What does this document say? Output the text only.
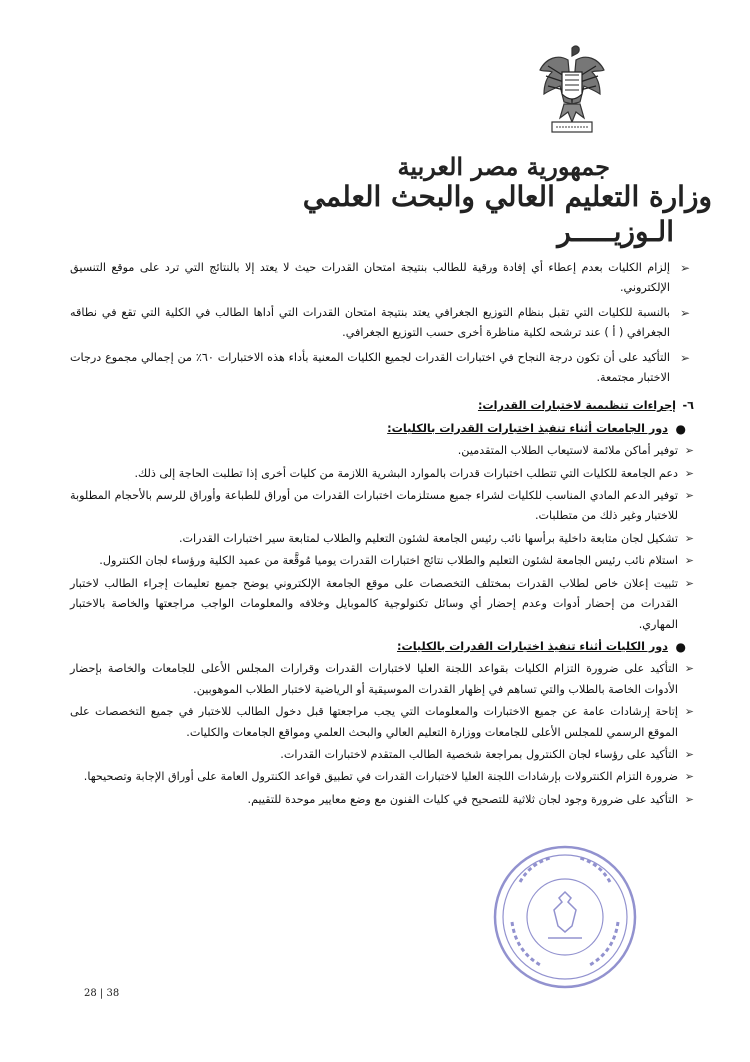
جمهورية مصر العربية
وزارة التعليم العالي والبحث العلمي
الـوزيـــــر
➢
إلزام الكليات بعدم إعطاء أي إفادة ورقية للطالب بنتيجة امتحان القدرات حيث لا يعتد إلا بالنتائج التي ترد على موقع التنسيق الإلكتروني.
➢
بالنسبة للكليات التي تقبل بنظام التوزيع الجغرافي يعتد بنتيجة امتحان القدرات التي أداها الطالب في الكلية التي تقع في نطاقه الجغرافي ( أ ) عند ترشحه لكلية مناظرة أخرى حسب التوزيع الجغرافي.
➢
التأكيد على أن تكون درجة النجاح في اختبارات القدرات لجميع الكليات المعنية بأداء هذه الاختبارات ٦٠٪ من إجمالي مجموع درجات الاختبار مجتمعة.
٦-
إجراءات تنظيمية لاختبارات القدرات:
●
دور الجامعات أثناء تنفيذ اختبارات القدرات بالكليات:
➢
توفير أماكن ملائمة لاستيعاب الطلاب المتقدمين.
➢
دعم الجامعة للكليات التي تتطلب اختبارات قدرات بالموارد البشرية اللازمة من كليات أخرى إذا تطلبت الحاجة إلى ذلك.
➢
توفير الدعم المادي المناسب للكليات لشراء جميع مستلزمات اختبارات القدرات من أوراق للطباعة وأوراق للرسم بالأحجام المطلوبة للاختبار وغير ذلك من متطلبات.
➢
تشكيل لجان متابعة داخلية برأسها نائب رئيس الجامعة لشئون التعليم والطلاب لمتابعة سير اختبارات القدرات.
➢
استلام نائب رئيس الجامعة لشئون التعليم والطلاب نتائج اختبارات القدرات يوميا مُوقَّعة من عميد الكلية ورؤساء لجان الكنترول.
➢
تثبيت إعلان خاص لطلاب القدرات بمختلف التخصصات على موقع الجامعة الإلكتروني يوضح جميع تعليمات إجراء الطالب لاختبار القدرات من إحضار أدوات وعدم إحضار أي وسائل تكنولوجية كالموبايل وخلافه والمعلومات الواجب مراجعتها والخاصة بالاختبار المهاري.
●
دور الكليات أثناء تنفيذ اختبارات القدرات بالكليات:
➢
التأكيد على ضرورة التزام الكليات بقواعد اللجنة العليا لاختبارات القدرات وقرارات المجلس الأعلى للجامعات والخاصة بإحضار الأدوات الخاصة بالطلاب والتي تساهم في إظهار القدرات الموسيقية أو الرياضية لاختبار الطلاب الموهوبين.
➢
إتاحة إرشادات عامة عن جميع الاختبارات والمعلومات التي يجب مراجعتها قبل دخول الطالب للاختبار في جميع التخصصات على الموقع الرسمي للمجلس الأعلى للجامعات ووزارة التعليم العالي والبحث العلمي ومواقع الجامعات والكليات.
➢
التأكيد على رؤساء لجان الكنترول بمراجعة شخصية الطالب المتقدم لاختبارات القدرات.
➢
ضرورة التزام الكنترولات بإرشادات اللجنة العليا لاختبارات القدرات في تطبيق قواعد الكنترول العامة على أوراق الإجابة وتصحيحها.
➢
التأكيد على ضرورة وجود لجان ثلاثية للتصحيح في كليات الفنون مع وضع معايير موحدة للتقييم.
28 | 38
